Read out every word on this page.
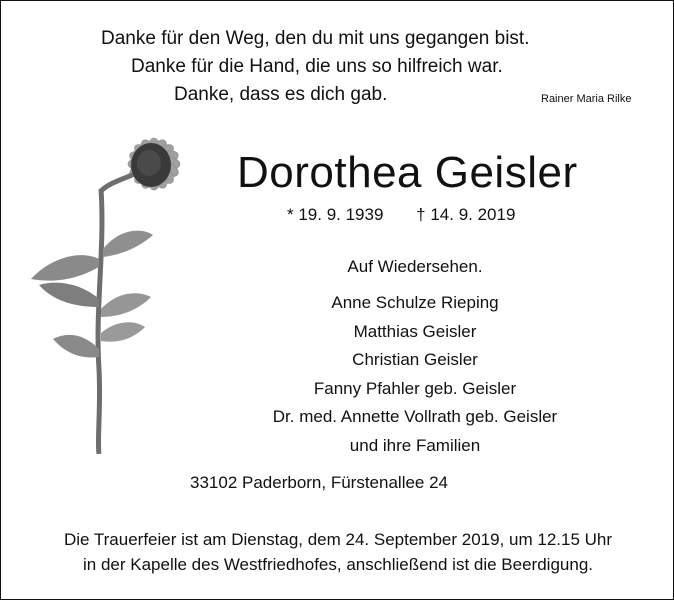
Danke für den Weg, den du mit uns gegangen bist.
Danke für die Hand, die uns so hilfreich war.
Danke, dass es dich gab.	Rainer Maria Rilke
Dorothea Geisler
* 19. 9. 1939 † 14. 9. 2019
Auf Wiedersehen.
Anne Schulze Rieping
Matthias Geisler
Christian Geisler
Fanny Pfahler geb. Geisler
Dr. med. Annette Vollrath geb. Geisler
und ihre Familien
33102 Paderborn, Fürstenallee 24
Die Trauerfeier ist am Dienstag, dem 24. September 2019, um 12.15 Uhr
in der Kapelle des Westfriedhofes, anschließend ist die Beerdigung.
